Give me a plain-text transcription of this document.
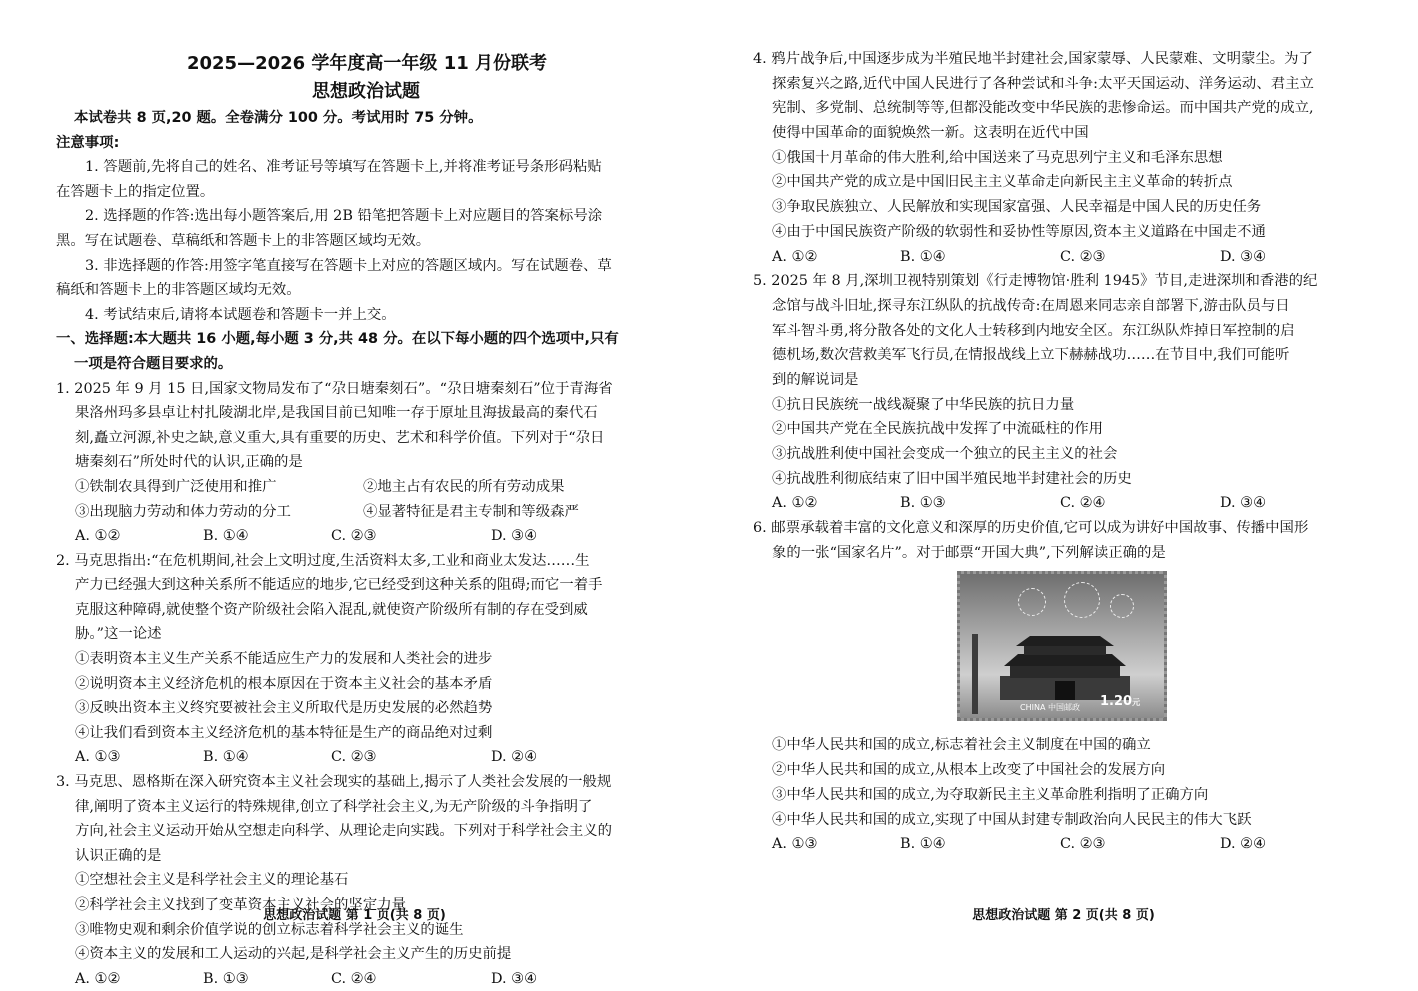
2025—2026 学年度高一年级 11 月份联考
思想政治试题
本试卷共 8 页,20 题。全卷满分 100 分。考试用时 75 分钟。
注意事项:
1. 答题前,先将自己的姓名、准考证号等填写在答题卡上,并将准考证号条形码粘贴
在答题卡上的指定位置。
2. 选择题的作答:选出每小题答案后,用 2B 铅笔把答题卡上对应题目的答案标号涂
黑。写在试题卷、草稿纸和答题卡上的非答题区域均无效。
3. 非选择题的作答:用签字笔直接写在答题卡上对应的答题区域内。写在试题卷、草
稿纸和答题卡上的非答题区域均无效。
4. 考试结束后,请将本试题卷和答题卡一并上交。
一、选择题:本大题共 16 小题,每小题 3 分,共 48 分。在以下每小题的四个选项中,只有
一项是符合题目要求的。
1. 2025 年 9 月 15 日,国家文物局发布了“尕日塘秦刻石”。“尕日塘秦刻石”位于青海省
果洛州玛多县卓让村扎陵湖北岸,是我国目前已知唯一存于原址且海拔最高的秦代石
刻,矗立河源,补史之缺,意义重大,具有重要的历史、艺术和科学价值。下列对于“尕日
塘秦刻石”所处时代的认识,正确的是
①铁制农具得到广泛使用和推广	②地主占有农民的所有劳动成果
③出现脑力劳动和体力劳动的分工	④显著特征是君主专制和等级森严
A. ①②	B. ①④	C. ②③	D. ③④
2. 马克思指出:“在危机期间,社会上文明过度,生活资料太多,工业和商业太发达……生
产力已经强大到这种关系所不能适应的地步,它已经受到这种关系的阻碍;而它一着手
克服这种障碍,就使整个资产阶级社会陷入混乱,就使资产阶级所有制的存在受到威
胁。”这一论述
①表明资本主义生产关系不能适应生产力的发展和人类社会的进步
②说明资本主义经济危机的根本原因在于资本主义社会的基本矛盾
③反映出资本主义终究要被社会主义所取代是历史发展的必然趋势
④让我们看到资本主义经济危机的基本特征是生产的商品绝对过剩
A. ①③	B. ①④	C. ②③	D. ②④
3. 马克思、恩格斯在深入研究资本主义社会现实的基础上,揭示了人类社会发展的一般规
律,阐明了资本主义运行的特殊规律,创立了科学社会主义,为无产阶级的斗争指明了
方向,社会主义运动开始从空想走向科学、从理论走向实践。下列对于科学社会主义的
认识正确的是
①空想社会主义是科学社会主义的理论基石
②科学社会主义找到了变革资本主义社会的坚定力量
③唯物史观和剩余价值学说的创立标志着科学社会主义的诞生
④资本主义的发展和工人运动的兴起,是科学社会主义产生的历史前提
A. ①②	B. ①③	C. ②④	D. ③④
思想政治试题 第 1 页(共 8 页)
4. 鸦片战争后,中国逐步成为半殖民地半封建社会,国家蒙辱、人民蒙难、文明蒙尘。为了
探索复兴之路,近代中国人民进行了各种尝试和斗争:太平天国运动、洋务运动、君主立
宪制、多党制、总统制等等,但都没能改变中华民族的悲惨命运。而中国共产党的成立,
使得中国革命的面貌焕然一新。这表明在近代中国
①俄国十月革命的伟大胜利,给中国送来了马克思列宁主义和毛泽东思想
②中国共产党的成立是中国旧民主主义革命走向新民主主义革命的转折点
③争取民族独立、人民解放和实现国家富强、人民幸福是中国人民的历史任务
④由于中国民族资产阶级的软弱性和妥协性等原因,资本主义道路在中国走不通
A. ①②	B. ①④	C. ②③	D. ③④
5. 2025 年 8 月,深圳卫视特别策划《行走博物馆·胜利 1945》节目,走进深圳和香港的纪
念馆与战斗旧址,探寻东江纵队的抗战传奇:在周恩来同志亲自部署下,游击队员与日
军斗智斗勇,将分散各处的文化人士转移到内地安全区。东江纵队炸掉日军控制的启
德机场,数次营救美军飞行员,在情报战线上立下赫赫战功……在节目中,我们可能听
到的解说词是
①抗日民族统一战线凝聚了中华民族的抗日力量
②中国共产党在全民族抗战中发挥了中流砥柱的作用
③抗战胜利使中国社会变成一个独立的民主主义的社会
④抗战胜利彻底结束了旧中国半殖民地半封建社会的历史
A. ①②	B. ①③	C. ②④	D. ③④
6. 邮票承载着丰富的文化意义和深厚的历史价值,它可以成为讲好中国故事、传播中国形
象的一张“国家名片”。对于邮票“开国大典”,下列解读正确的是
①中华人民共和国的成立,标志着社会主义制度在中国的确立
②中华人民共和国的成立,从根本上改变了中国社会的发展方向
③中华人民共和国的成立,为夺取新民主主义革命胜利指明了正确方向
④中华人民共和国的成立,实现了中国从封建专制政治向人民民主的伟大飞跃
A. ①③	B. ①④	C. ②③	D. ②④
思想政治试题 第 2 页(共 8 页)
1.20元
CHINA 中国邮政
